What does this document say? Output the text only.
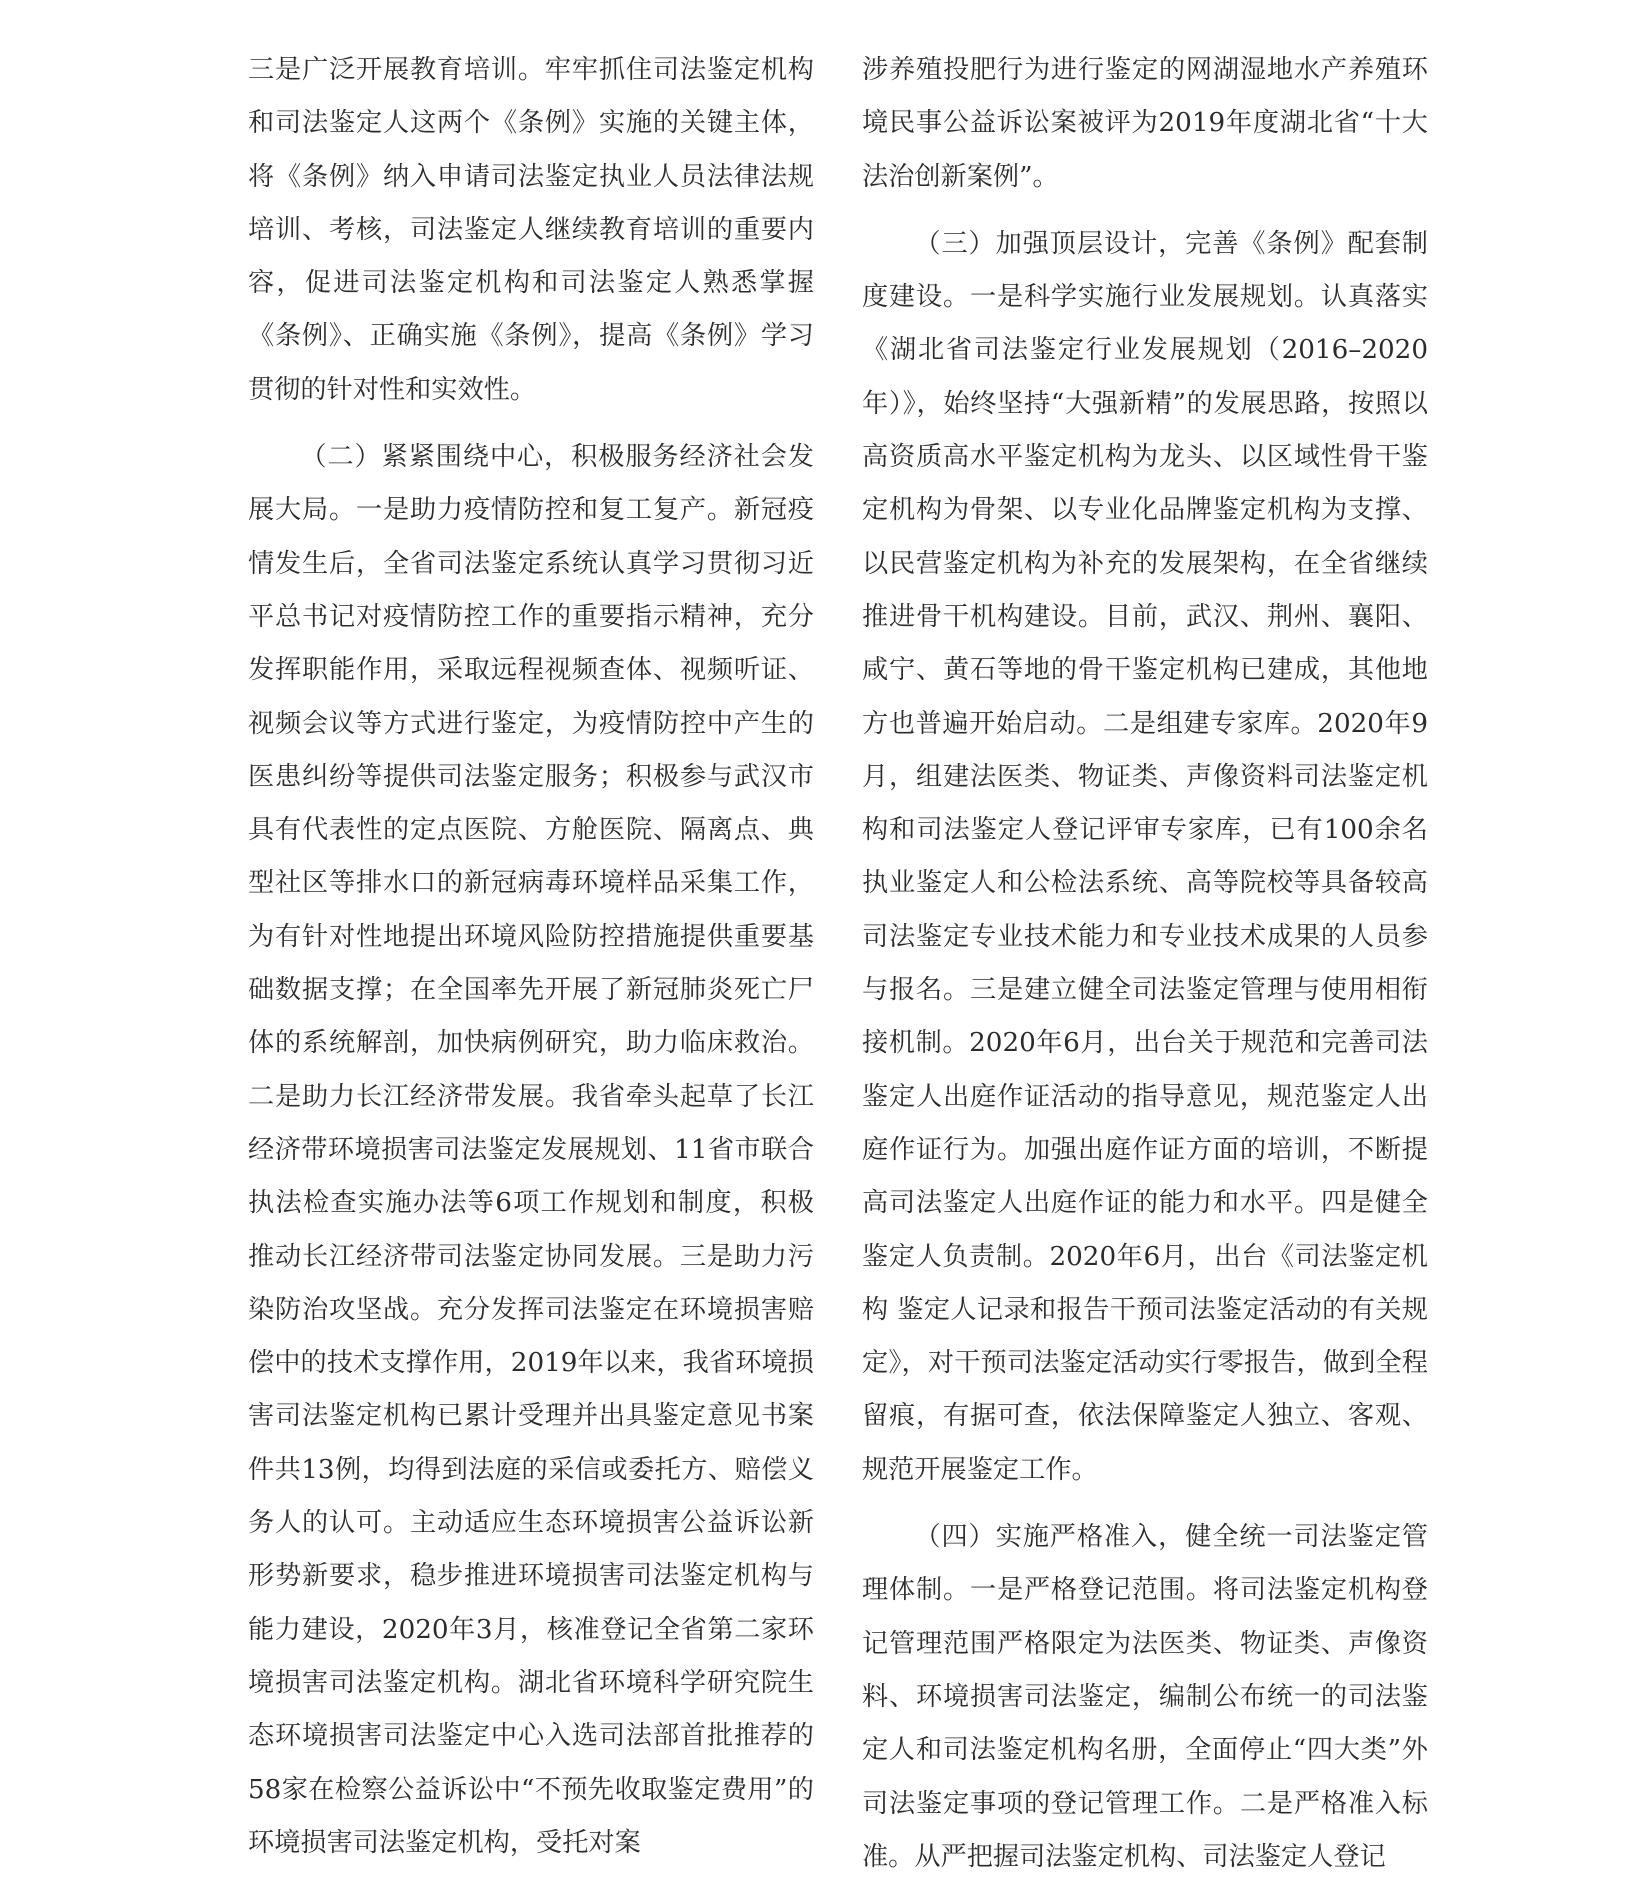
三是广泛开展教育培训。牢牢抓住司法鉴定机构和司法鉴定人这两个《条例》实施的关键主体，将《条例》纳入申请司法鉴定执业人员法律法规培训、考核，司法鉴定人继续教育培训的重要内容，促进司法鉴定机构和司法鉴定人熟悉掌握《条例》、正确实施《条例》，提高《条例》学习贯彻的针对性和实效性。

（二）紧紧围绕中心，积极服务经济社会发展大局。一是助力疫情防控和复工复产。新冠疫情发生后，全省司法鉴定系统认真学习贯彻习近平总书记对疫情防控工作的重要指示精神，充分发挥职能作用，采取远程视频查体、视频听证、视频会议等方式进行鉴定，为疫情防控中产生的医患纠纷等提供司法鉴定服务；积极参与武汉市具有代表性的定点医院、方舱医院、隔离点、典型社区等排水口的新冠病毒环境样品采集工作，为有针对性地提出环境风险防控措施提供重要基础数据支撑；在全国率先开展了新冠肺炎死亡尸体的系统解剖，加快病例研究，助力临床救治。二是助力长江经济带发展。我省牵头起草了长江经济带环境损害司法鉴定发展规划、11省市联合执法检查实施办法等6项工作规划和制度，积极推动长江经济带司法鉴定协同发展。三是助力污染防治攻坚战。充分发挥司法鉴定在环境损害赔偿中的技术支撑作用，2019年以来，我省环境损害司法鉴定机构已累计受理并出具鉴定意见书案件共13例，均得到法庭的采信或委托方、赔偿义务人的认可。主动适应生态环境损害公益诉讼新形势新要求，稳步推进环境损害司法鉴定机构与能力建设，2020年3月，核准登记全省第二家环境损害司法鉴定机构。湖北省环境科学研究院生态环境损害司法鉴定中心入选司法部首批推荐的58家在检察公益诉讼中“不预先收取鉴定费用”的环境损害司法鉴定机构，受托对案

涉养殖投肥行为进行鉴定的网湖湿地水产养殖环境民事公益诉讼案被评为2019年度湖北省“十大法治创新案例”。

（三）加强顶层设计，完善《条例》配套制度建设。一是科学实施行业发展规划。认真落实《湖北省司法鉴定行业发展规划（2016–2020年）》，始终坚持“大强新精”的发展思路，按照以高资质高水平鉴定机构为龙头、以区域性骨干鉴定机构为骨架、以专业化品牌鉴定机构为支撑、以民营鉴定机构为补充的发展架构，在全省继续推进骨干机构建设。目前，武汉、荆州、襄阳、咸宁、黄石等地的骨干鉴定机构已建成，其他地方也普遍开始启动。二是组建专家库。2020年9月，组建法医类、物证类、声像资料司法鉴定机构和司法鉴定人登记评审专家库，已有100余名执业鉴定人和公检法系统、高等院校等具备较高司法鉴定专业技术能力和专业技术成果的人员参与报名。三是建立健全司法鉴定管理与使用相衔接机制。2020年6月，出台关于规范和完善司法鉴定人出庭作证活动的指导意见，规范鉴定人出庭作证行为。加强出庭作证方面的培训，不断提高司法鉴定人出庭作证的能力和水平。四是健全鉴定人负责制。2020年6月，出台《司法鉴定机构 鉴定人记录和报告干预司法鉴定活动的有关规定》，对干预司法鉴定活动实行零报告，做到全程留痕，有据可查，依法保障鉴定人独立、客观、规范开展鉴定工作。

（四）实施严格准入，健全统一司法鉴定管理体制。一是严格登记范围。将司法鉴定机构登记管理范围严格限定为法医类、物证类、声像资料、环境损害司法鉴定，编制公布统一的司法鉴定人和司法鉴定机构名册，全面停止“四大类”外司法鉴定事项的登记管理工作。二是严格准入标准。从严把握司法鉴定机构、司法鉴定人登记
